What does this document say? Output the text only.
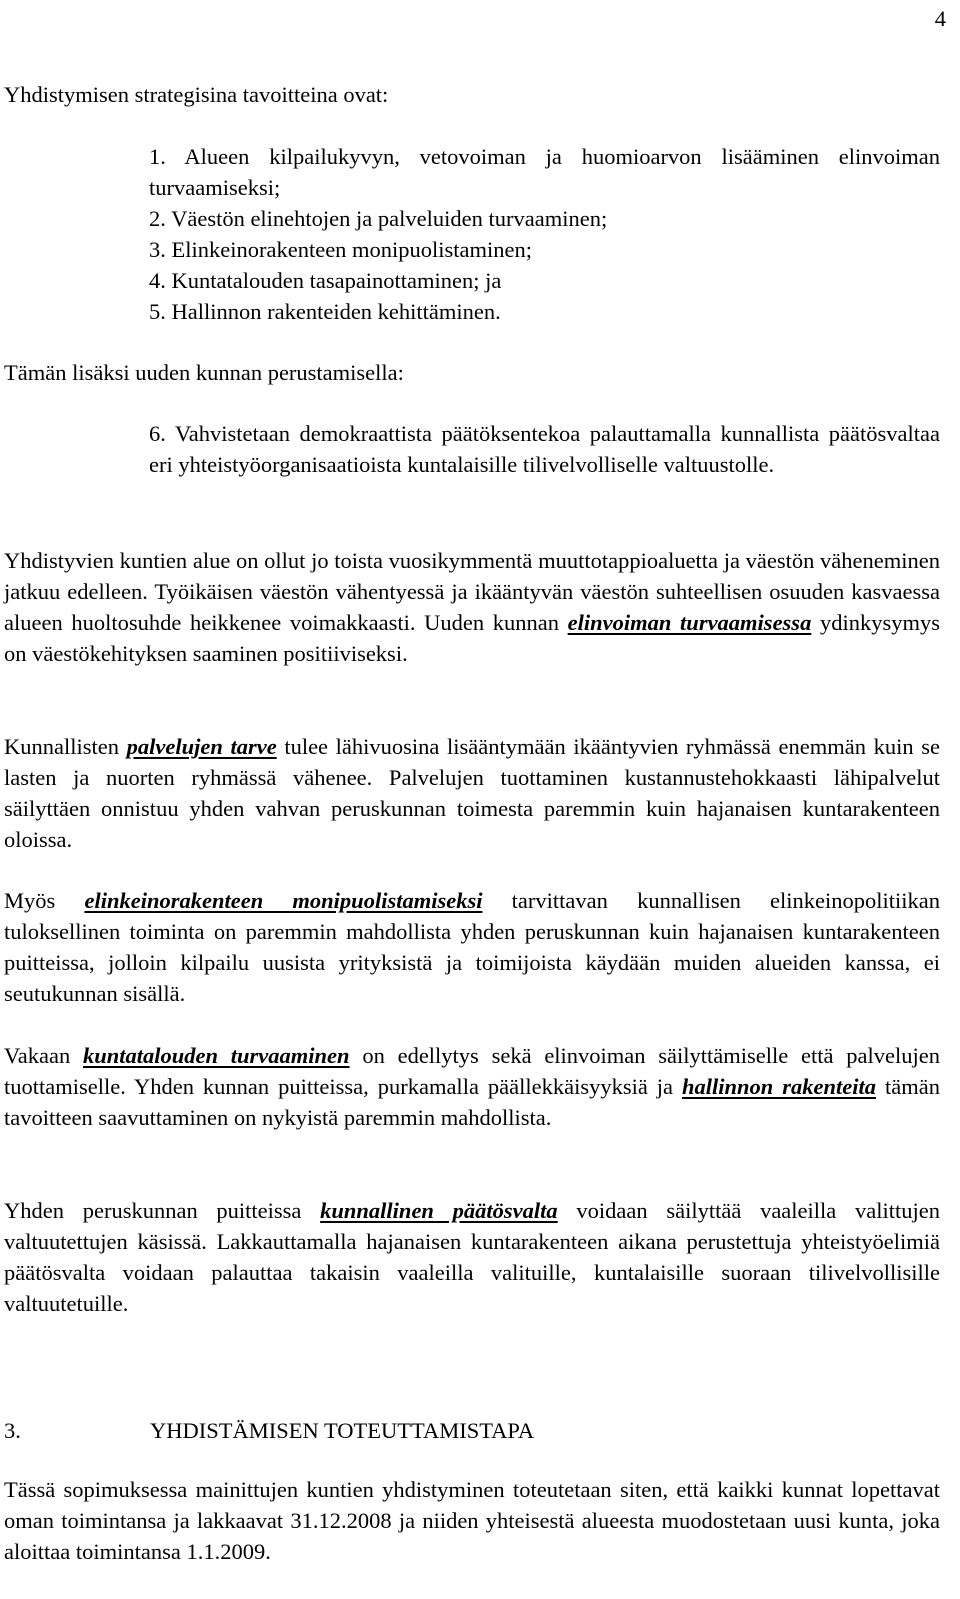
4
Yhdistymisen strategisina tavoitteina ovat:
1. Alueen kilpailukyvyn, vetovoiman ja huomioarvon lisääminen elinvoiman turvaamiseksi;
2. Väestön elinehtojen ja palveluiden turvaaminen;
3. Elinkeinorakenteen monipuolistaminen;
4. Kuntatalouden tasapainottaminen; ja
5. Hallinnon rakenteiden kehittäminen.
Tämän lisäksi uuden kunnan perustamisella:
6. Vahvistetaan demokraattista päätöksentekoa palauttamalla kunnallista päätösvaltaa eri yhteistyöorganisaatioista kuntalaisille tilivelvolliselle valtuustolle.

Yhdistyvien kuntien alue on ollut jo toista vuosikymmentä muuttotappioaluetta ja väestön väheneminen jatkuu edelleen. Työikäisen väestön vähentyessä ja ikääntyvän väestön suhteellisen osuuden kasvaessa alueen huoltosuhde heikkenee voimakkaasti. Uuden kunnan elinvoiman turvaamisessa ydinkysymys on väestökehityksen saaminen positiiviseksi.

Kunnallisten palvelujen tarve tulee lähivuosina lisääntymään ikääntyvien ryhmässä enemmän kuin se lasten ja nuorten ryhmässä vähenee. Palvelujen tuottaminen kustannustehokkaasti lähipalvelut säilyttäen onnistuu yhden vahvan peruskunnan toimesta paremmin kuin hajanaisen kuntarakenteen oloissa.

Myös elinkeinorakenteen monipuolistamiseksi tarvittavan kunnallisen elinkeinopolitiikan tuloksellinen toiminta on paremmin mahdollista yhden peruskunnan kuin hajanaisen kuntarakenteen puitteissa, jolloin kilpailu uusista yrityksistä ja toimijoista käydään muiden alueiden kanssa, ei seutukunnan sisällä.

Vakaan kuntatalouden turvaaminen on edellytys sekä elinvoiman säilyttämiselle että palvelujen tuottamiselle. Yhden kunnan puitteissa, purkamalla päällekkäisyyksiä ja hallinnon rakenteita tämän tavoitteen saavuttaminen on nykyistä paremmin mahdollista.

Yhden peruskunnan puitteissa kunnallinen päätösvalta voidaan säilyttää vaaleilla valittujen valtuutettujen käsissä. Lakkauttamalla hajanaisen kuntarakenteen aikana perustettuja yhteistyöelimiä päätösvalta voidaan palauttaa takaisin vaaleilla valituille, kuntalaisille suoraan tilivelvollisille valtuutetuille.

3.	YHDISTÄMISEN TOTEUTTAMISTAPA

Tässä sopimuksessa mainittujen kuntien yhdistyminen toteutetaan siten, että kaikki kunnat lopettavat oman toimintansa ja lakkaavat 31.12.2008 ja niiden yhteisestä alueesta muodostetaan uusi kunta, joka aloittaa toimintansa 1.1.2009.
